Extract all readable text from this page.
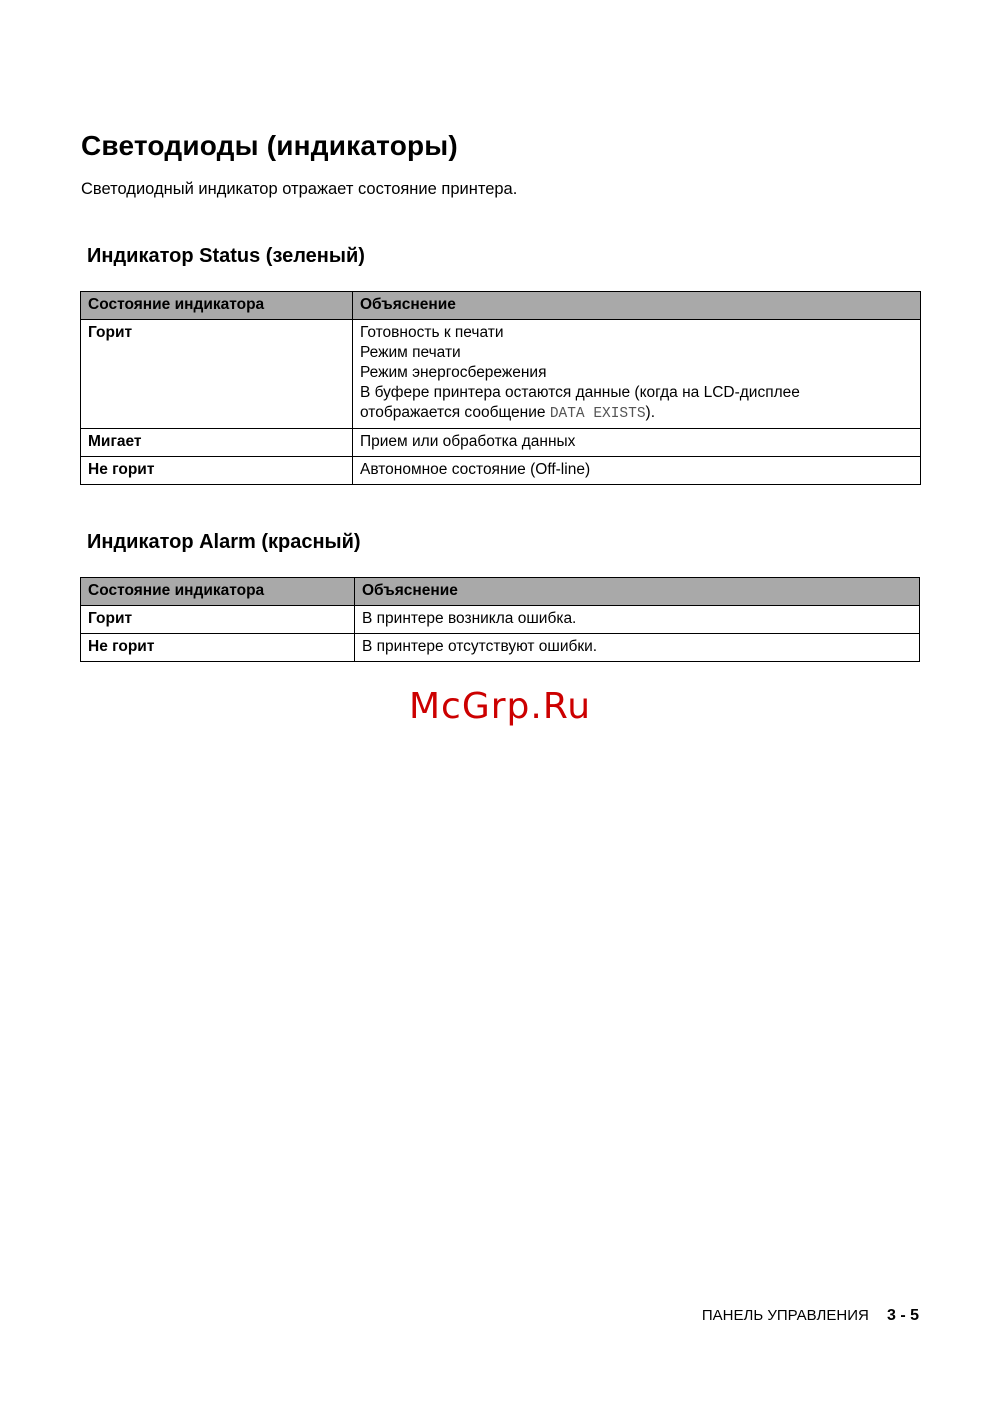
Светодиоды (индикаторы)

Светодиодный индикатор отражает состояние принтера.

Индикатор Status (зеленый)
Состояние индикатора	Объяснение
Горит	Готовность к печати
Режим печати
Режим энергосбережения
В буфере принтера остаются данные (когда на LCD-дисплее
отображается сообщение DATA EXISTS).

Мигает	Прием или обработка данных
Не горит	Автономное состояние (Off-line)
Индикатор Alarm (красный)
Состояние индикатора	Объяснение
Горит	В принтере возникла ошибка.
Не горит	В принтере отсутствуют ошибки.
McGrp.Ru
ПАНЕЛЬ УПРАВЛЕНИЯ 3 - 5
